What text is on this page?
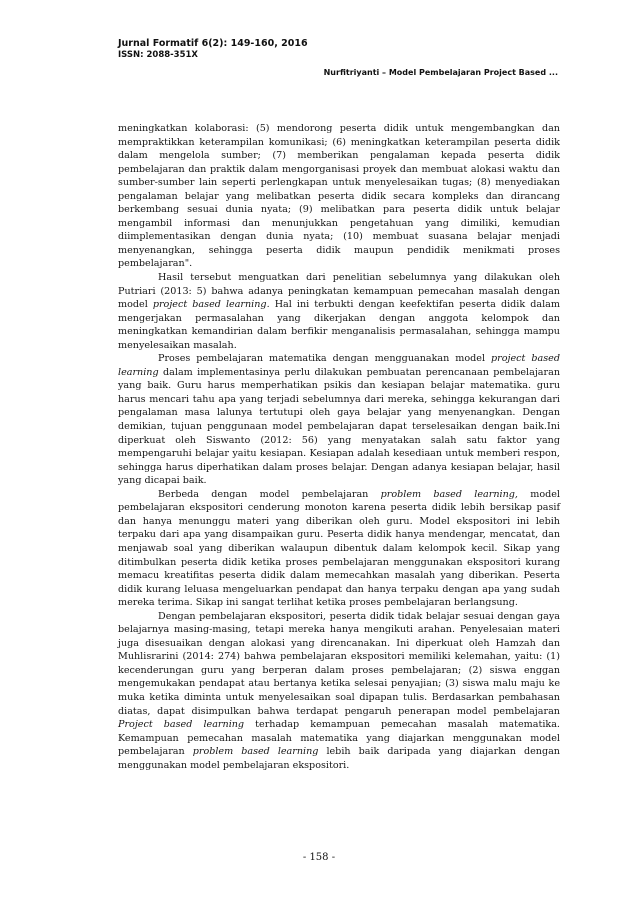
Jurnal Formatif 6(2): 149-160, 2016
ISSN: 2088-351X
Nurfitriyanti – Model Pembelajaran Project Based ...

meningkatkan kolaborasi: (5) mendorong peserta didik untuk mengembangkan dan mempraktikkan keterampilan komunikasi; (6) meningkatkan keterampilan peserta didik dalam mengelola sumber; (7) memberikan pengalaman kepada peserta didik pembelajaran dan praktik dalam mengorganisasi proyek dan membuat alokasi waktu dan sumber-sumber lain seperti perlengkapan untuk menyelesaikan tugas; (8) menyediakan pengalaman belajar yang melibatkan peserta didik secara kompleks dan dirancang berkembang sesuai dunia nyata; (9) melibatkan para peserta didik untuk belajar mengambil informasi dan menunjukkan pengetahuan yang dimiliki, kemudian diimplementasikan dengan dunia nyata; (10) membuat suasana belajar menjadi menyenangkan, sehingga peserta didik maupun pendidik menikmati proses pembelajaran".

Hasil tersebut menguatkan dari penelitian sebelumnya yang dilakukan oleh Putriari (2013: 5) bahwa adanya peningkatan kemampuan pemecahan masalah dengan model project based learning. Hal ini terbukti dengan keefektifan peserta didik dalam mengerjakan permasalahan yang dikerjakan dengan anggota kelompok dan meningkatkan kemandirian dalam berfikir menganalisis permasalahan, sehingga mampu menyelesaikan masalah.

Proses pembelajaran matematika dengan mengguanakan model project based learning dalam implementasinya perlu dilakukan pembuatan perencanaan pembelajaran yang baik. Guru harus memperhatikan psikis dan kesiapan belajar matematika. guru harus mencari tahu apa yang terjadi sebelumnya dari mereka, sehingga kekurangan dari pengalaman masa lalunya tertutupi oleh gaya belajar yang menyenangkan. Dengan demikian, tujuan penggunaan model pembelajaran dapat terselesaikan dengan baik.Ini diperkuat oleh Siswanto (2012: 56) yang menyatakan salah satu faktor yang mempengaruhi belajar yaitu kesiapan. Kesiapan adalah kesediaan untuk memberi respon, sehingga harus diperhatikan dalam proses belajar. Dengan adanya kesiapan belajar, hasil yang dicapai baik.

Berbeda dengan model pembelajaran problem based learning, model pembelajaran ekspositori cenderung monoton karena peserta didik lebih bersikap pasif dan hanya menunggu materi yang diberikan oleh guru. Model ekspositori ini lebih terpaku dari apa yang disampaikan guru. Peserta didik hanya mendengar, mencatat, dan menjawab soal yang diberikan walaupun dibentuk dalam kelompok kecil. Sikap yang ditimbulkan peserta didik ketika proses pembelajaran menggunakan ekspositori kurang memacu kreatifitas peserta didik dalam memecahkan masalah yang diberikan. Peserta didik kurang leluasa mengeluarkan pendapat dan hanya terpaku dengan apa yang sudah mereka terima. Sikap ini sangat terlihat ketika proses pembelajaran berlangsung.

Dengan pembelajaran ekspositori, peserta didik tidak belajar sesuai dengan gaya belajarnya masing-masing, tetapi mereka hanya mengikuti arahan. Penyelesaian materi juga disesuaikan dengan alokasi yang direncanakan. Ini diperkuat oleh Hamzah dan Muhlisrarini (2014: 274) bahwa pembelajaran ekspositori memiliki kelemahan, yaitu: (1) kecenderungan guru yang berperan dalam proses pembelajaran; (2) siswa enggan mengemukakan pendapat atau bertanya ketika selesai penyajian; (3) siswa malu maju ke muka ketika diminta untuk menyelesaikan soal dipapan tulis. Berdasarkan pembahasan diatas, dapat disimpulkan bahwa terdapat pengaruh penerapan model pembelajaran Project based learning terhadap kemampuan pemecahan masalah matematika. Kemampuan pemecahan masalah matematika yang diajarkan menggunakan model pembelajaran problem based learning lebih baik daripada yang diajarkan dengan menggunakan model pembelajaran ekspositori.

- 158 -
